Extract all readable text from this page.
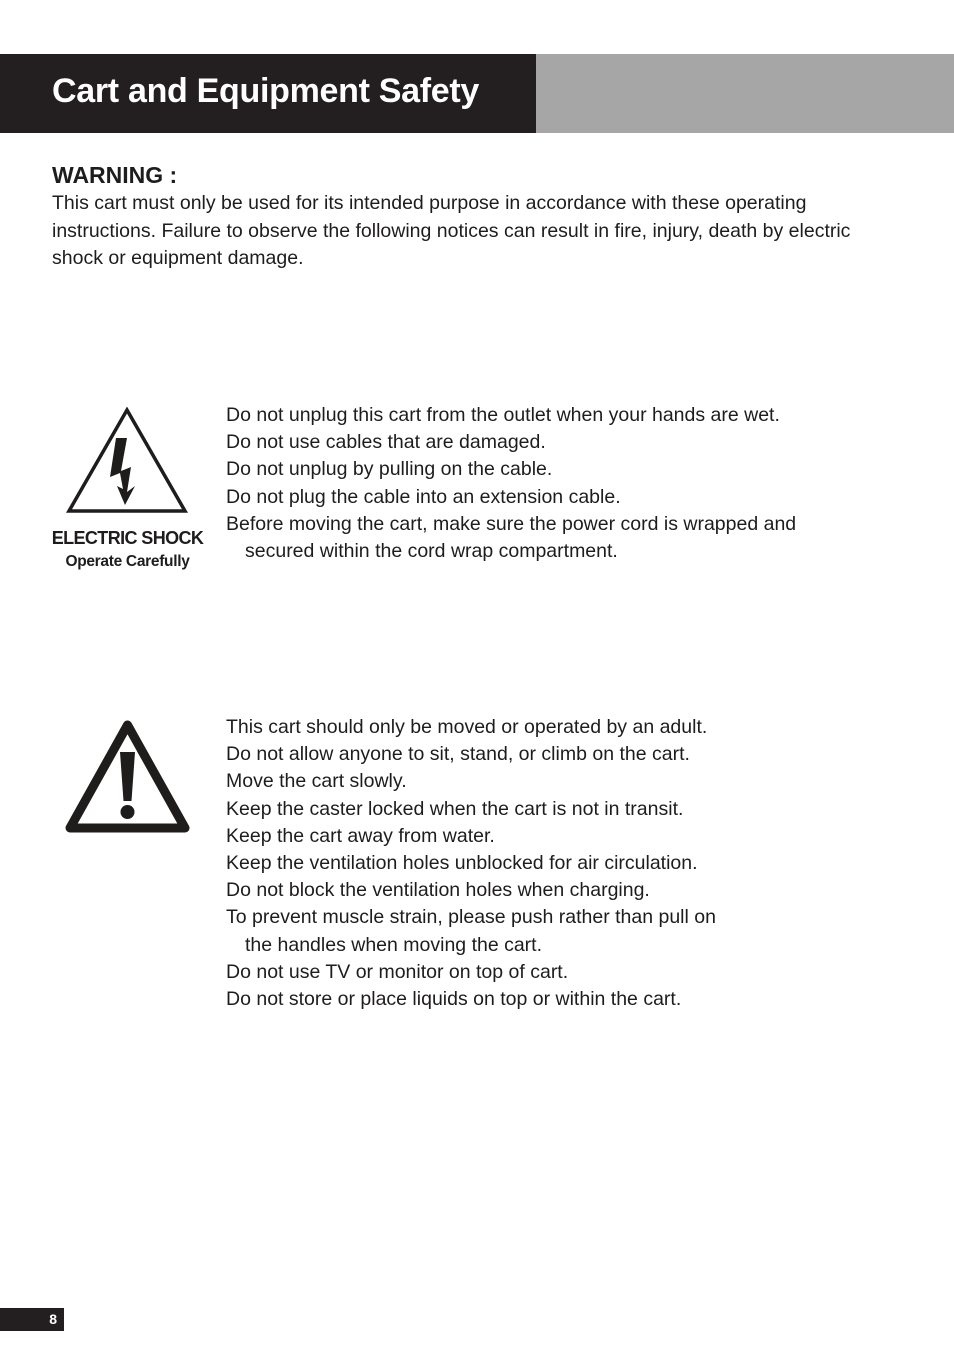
Cart and Equipment Safety
WARNING :
This cart must only be used for its intended purpose in accordance with these operating instructions. Failure to observe the following notices can result in fire, injury, death by electric shock or equipment damage.
ELECTRIC SHOCK
Operate Carefully
Do not unplug this cart from the outlet when your hands are wet.
Do not use cables that are damaged.
Do not unplug by pulling on the cable.
Do not plug the cable into an extension cable.
Before moving the cart, make sure the power cord is wrapped and secured within the cord wrap compartment.
This cart should only be moved or operated by an adult.
Do not allow anyone to sit, stand, or climb on the cart.
Move the cart slowly.
Keep the caster locked when the cart is not in transit.
Keep the cart away from water.
Keep the ventilation holes unblocked for air circulation.
Do not block the ventilation holes when charging.
To prevent muscle strain, please push rather than pull on the handles when moving the cart.
Do not use TV or monitor on top of cart.
Do not store or place liquids on top or within the cart.
8
